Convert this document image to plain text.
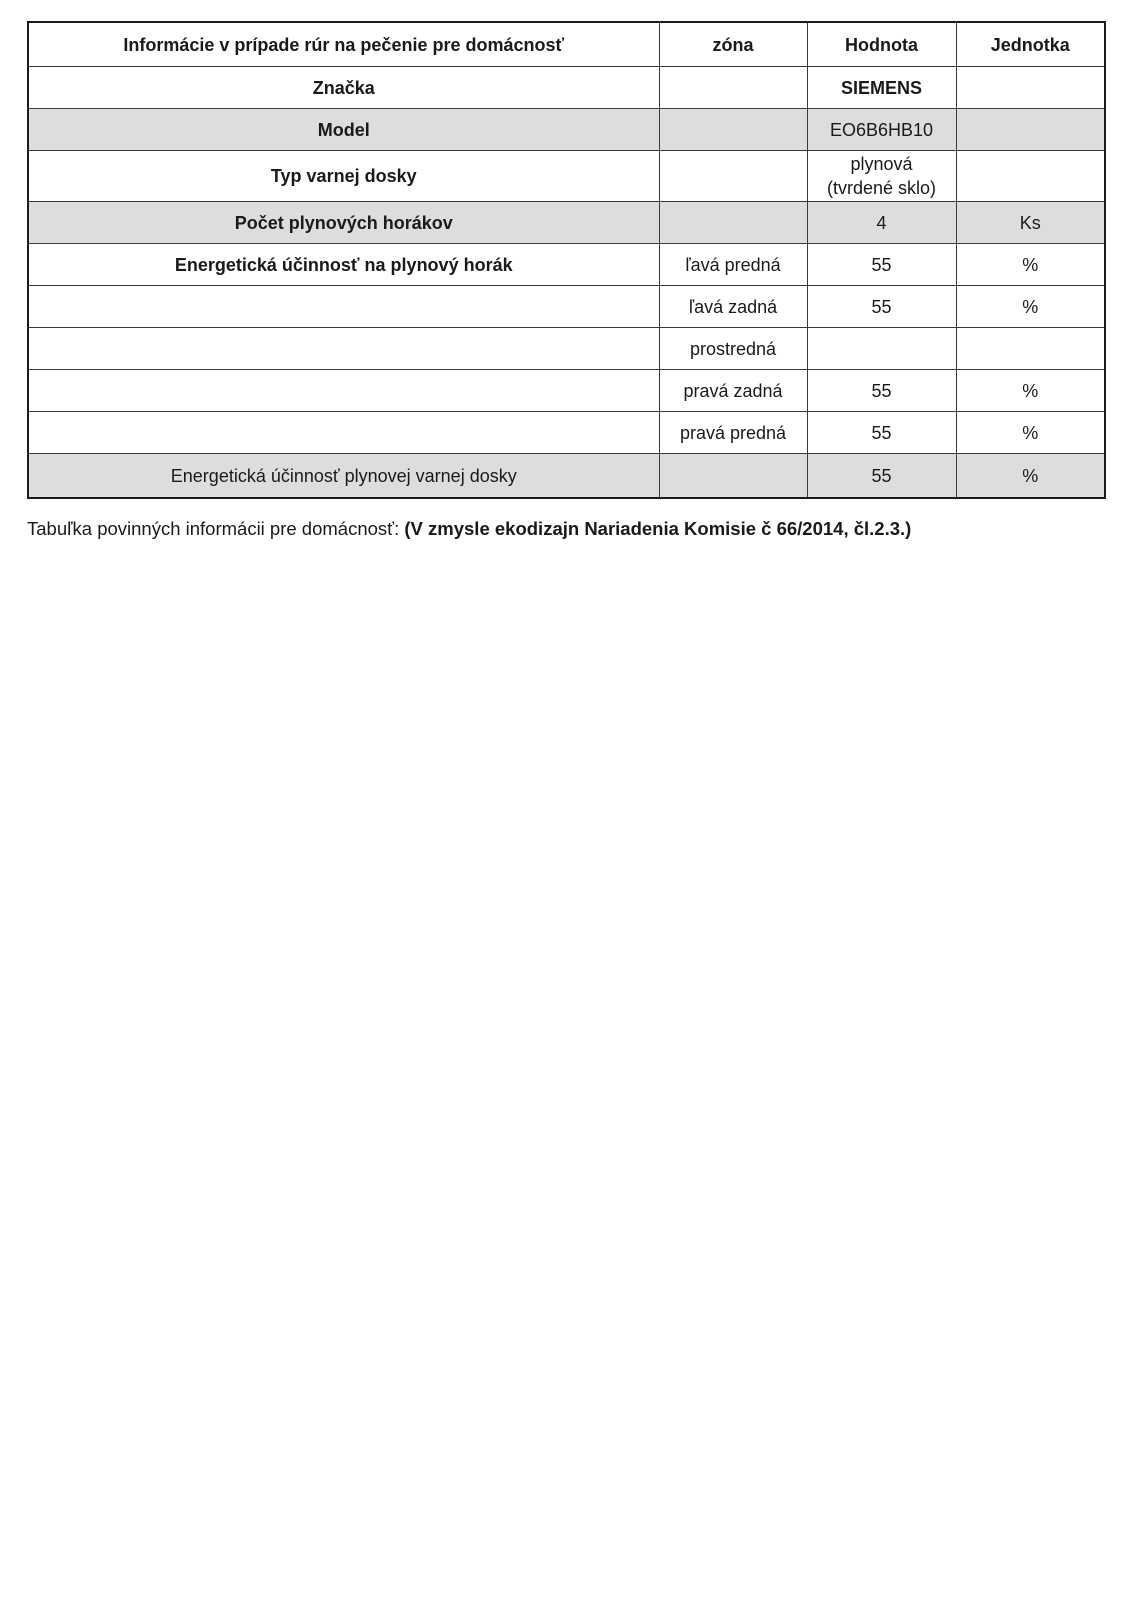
Informácie v prípade rúr na pečenie pre domácnosť	zóna	Hodnota	Jednotka
Značka		SIEMENS	
Model		EO6B6HB10	
Typ varnej dosky		plynová
(tvrdené sklo)	

Počet plynových horákov		4	Ks
Energetická účinnosť na plynový horák	ľavá predná	55	%
	ľavá zadná	55	%
	prostredná		
	pravá zadná	55	%
	pravá predná	55	%
Energetická účinnosť plynovej varnej dosky		55	%
Tabuľka povinných informácii pre domácnosť: (V zmysle ekodizajn Nariadenia Komisie č 66/2014, čl.2.3.)
